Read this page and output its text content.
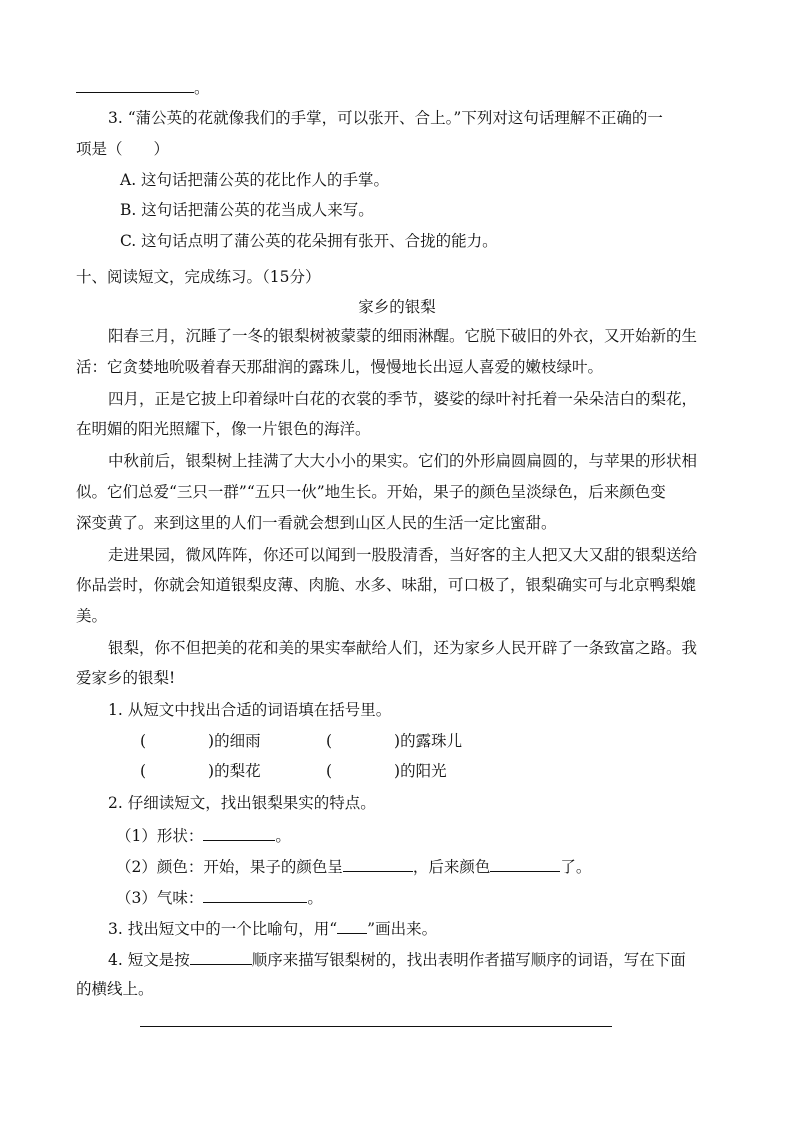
。
3. “蒲公英的花就像我们的手掌，可以张开、合上。”下列对这句话理解不正确的一
项是（　　）
A. 这句话把蒲公英的花比作人的手掌。
B. 这句话把蒲公英的花当成人来写。
C. 这句话点明了蒲公英的花朵拥有张开、合拢的能力。
十、阅读短文，完成练习。（15分）
家乡的银梨
阳春三月，沉睡了一冬的银梨树被蒙蒙的细雨淋醒。它脱下破旧的外衣，又开始新的生
活：它贪婪地吮吸着春天那甜润的露珠儿，慢慢地长出逗人喜爱的嫩枝绿叶。
四月，正是它披上印着绿叶白花的衣裳的季节，婆娑的绿叶衬托着一朵朵洁白的梨花，
在明媚的阳光照耀下，像一片银色的海洋。
中秋前后，银梨树上挂满了大大小小的果实。它们的外形扁圆扁圆的，与苹果的形状相
似。它们总爱“三只一群”“五只一伙”地生长。开始，果子的颜色呈淡绿色，后来颜色变
深变黄了。来到这里的人们一看就会想到山区人民的生活一定比蜜甜。
走进果园，微风阵阵，你还可以闻到一股股清香，当好客的主人把又大又甜的银梨送给
你品尝时，你就会知道银梨皮薄、肉脆、水多、味甜，可口极了，银梨确实可与北京鸭梨媲
美。
银梨，你不但把美的花和美的果实奉献给人们，还为家乡人民开辟了一条致富之路。我
爱家乡的银梨!
1. 从短文中找出合适的词语填在括号里。
(　　　　)的细雨	(　　　　)的露珠儿
(　　　　)的梨花	(　　　　)的阳光
2. 仔细读短文，找出银梨果实的特点。
（1）形状：	。
（2）颜色：开始，果子的颜色呈	，后来颜色	了。
（3）气味：	。
3. 找出短文中的一个比喻句，用“ ”画出来。
4. 短文是按	顺序来描写银梨树的，找出表明作者描写顺序的词语，写在下面
的横线上。
